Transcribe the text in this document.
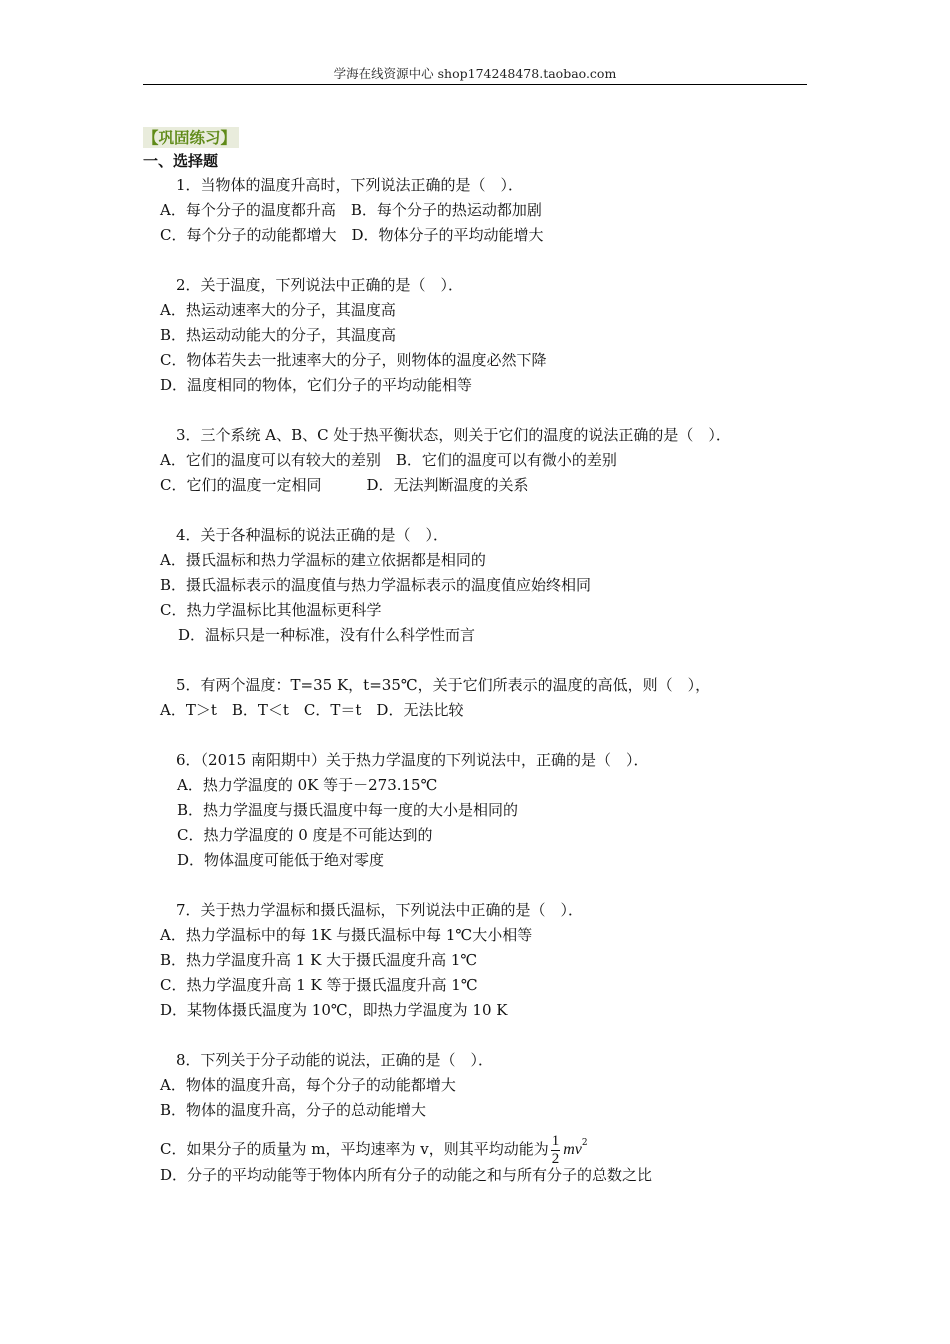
学海在线资源中心 shop174248478.taobao.com
【巩固练习】
一、选择题
1．当物体的温度升高时，下列说法正确的是（　）．
A．每个分子的温度都升高　B．每个分子的热运动都加剧
C．每个分子的动能都增大　D．物体分子的平均动能增大
2．关于温度，下列说法中正确的是（　）．
A．热运动速率大的分子，其温度高
B．热运动动能大的分子，其温度高
C．物体若失去一批速率大的分子，则物体的温度必然下降
D．温度相同的物体，它们分子的平均动能相等
3．三个系统 A、B、C 处于热平衡状态，则关于它们的温度的说法正确的是（　）．
A．它们的温度可以有较大的差别　B．它们的温度可以有微小的差别
C．它们的温度一定相同　　　D．无法判断温度的关系
4．关于各种温标的说法正确的是（　）．
A．摄氏温标和热力学温标的建立依据都是相同的
B．摄氏温标表示的温度值与热力学温标表示的温度值应始终相同
C．热力学温标比其他温标更科学
D．温标只是一种标准，没有什么科学性而言
5．有两个温度：T=35 K，t=35℃，关于它们所表示的温度的高低，则（　），
A．T＞t　B．T＜t　C．T＝t　D．无法比较
6．（2015 南阳期中）关于热力学温度的下列说法中，正确的是（　）．
A．热力学温度的 0K 等于－273.15℃
B．热力学温度与摄氏温度中每一度的大小是相同的
C．热力学温度的 0 度是不可能达到的
D．物体温度可能低于绝对零度
7．关于热力学温标和摄氏温标，下列说法中正确的是（　）．
A．热力学温标中的每 1K 与摄氏温标中每 1℃大小相等
B．热力学温度升高 1 K 大于摄氏温度升高 1℃
C．热力学温度升高 1 K 等于摄氏温度升高 1℃
D．某物体摄氏温度为 10℃，即热力学温度为 10 K
8．下列关于分子动能的说法，正确的是（　）．
A．物体的温度升高，每个分子的动能都增大
B．物体的温度升高，分子的总动能增大
C．如果分子的质量为 m，平均速率为 v，则其平均动能为 $\frac{1}{2} mv^2$
D．分子的平均动能等于物体内所有分子的动能之和与所有分子的总数之比
